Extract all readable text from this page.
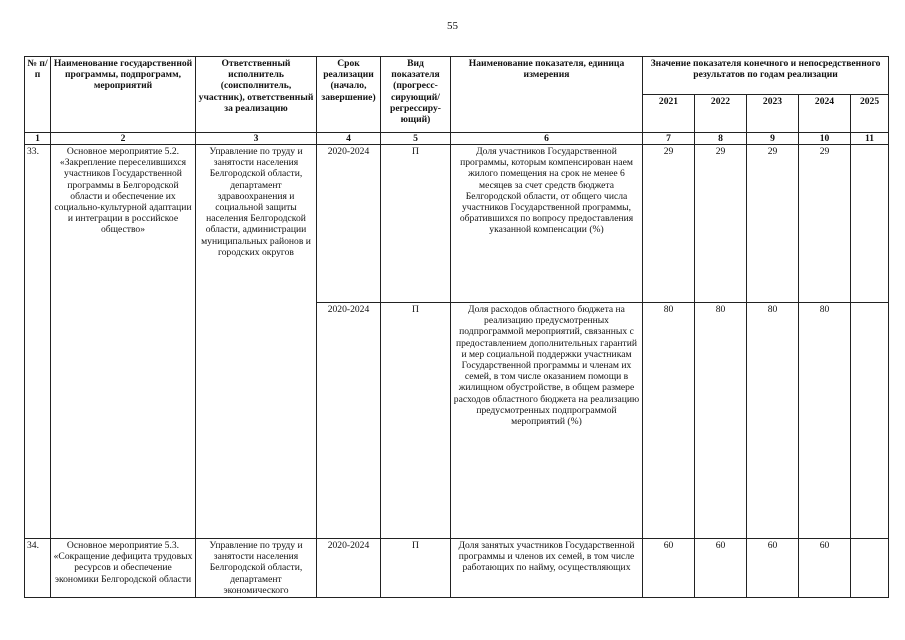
55
№ п/п	Наименование государственной программы, подпрограмм, мероприятий	Ответственный исполнитель (соисполнитель, участник), ответственный за реализацию	Срок реализации (начало, завершение)	Вид показателя (прогресс-сирующий/ регрессиру-ющий)	Наименование показателя, единица измерения	Значение показателя конечного и непосредственного результатов по годам реализации				
						2021	2022	2023	2024	2025
1	2	3	4	5	6	7	8	9	10	11
33.	Основное мероприятие 5.2. «Закрепление переселившихся участников Государственной программы в Белгородской области и обеспечение их социально-культурной адаптации и интеграции в российское общество»	Управление по труду и занятости населения Белгородской области, департамент здравоохранения и социальной защиты населения Белгородской области, администрации муниципальных районов и городских округов	2020-2024	П	Доля участников Государственной программы, которым компенсирован наем жилого помещения на срок не менее 6 месяцев за счет средств бюджета Белгородской области, от общего числа участников Государственной программы, обратившихся по вопросу предоставления указанной компенсации (%)	29	29	29	29	
			2020-2024	П	Доля расходов областного бюджета на реализацию предусмотренных подпрограммой мероприятий, связанных с предоставлением дополнительных гарантий и мер социальной поддержки участникам Государственной программы и членам их семей, в том числе оказанием помощи в жилищном обустройстве, в общем размере расходов областного бюджета на реализацию предусмотренных подпрограммой мероприятий (%)	80	80	80	80	
34.	Основное мероприятие 5.3. «Сокращение дефицита трудовых ресурсов и обеспечение экономики Белгородской области	Управление по труду и занятости населения Белгородской области, департамент экономического	2020-2024	П	Доля занятых участников Государственной программы и членов их семей, в том числе работающих по найму, осуществляющих	60	60	60	60	
